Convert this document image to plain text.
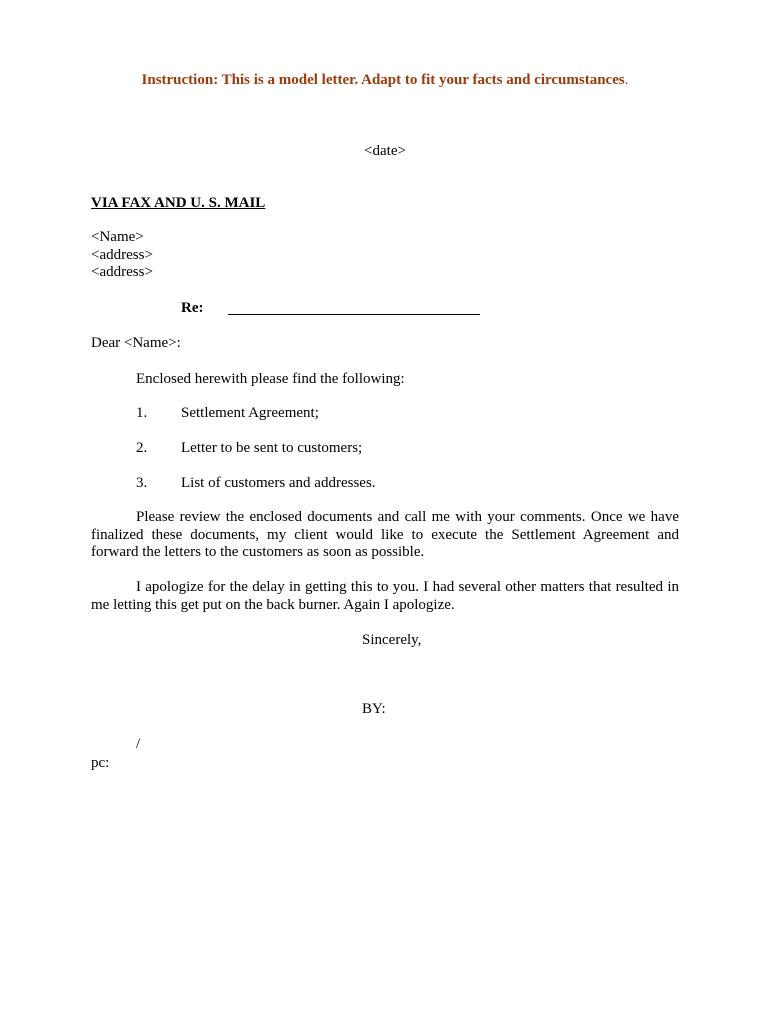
Instruction: This is a model letter. Adapt to fit your facts and circumstances.
<date>
VIA FAX AND U. S. MAIL
<Name>
<address>
<address>
Re:
Dear <Name>:
Enclosed herewith please find the following:
1. Settlement Agreement;
2. Letter to be sent to customers;
3. List of customers and addresses.
Please review the enclosed documents and call me with your comments. Once we have finalized these documents, my client would like to execute the Settlement Agreement and forward the letters to the customers as soon as possible.
I apologize for the delay in getting this to you. I had several other matters that resulted in me letting this get put on the back burner. Again I apologize.
Sincerely,
BY:
/
pc:
